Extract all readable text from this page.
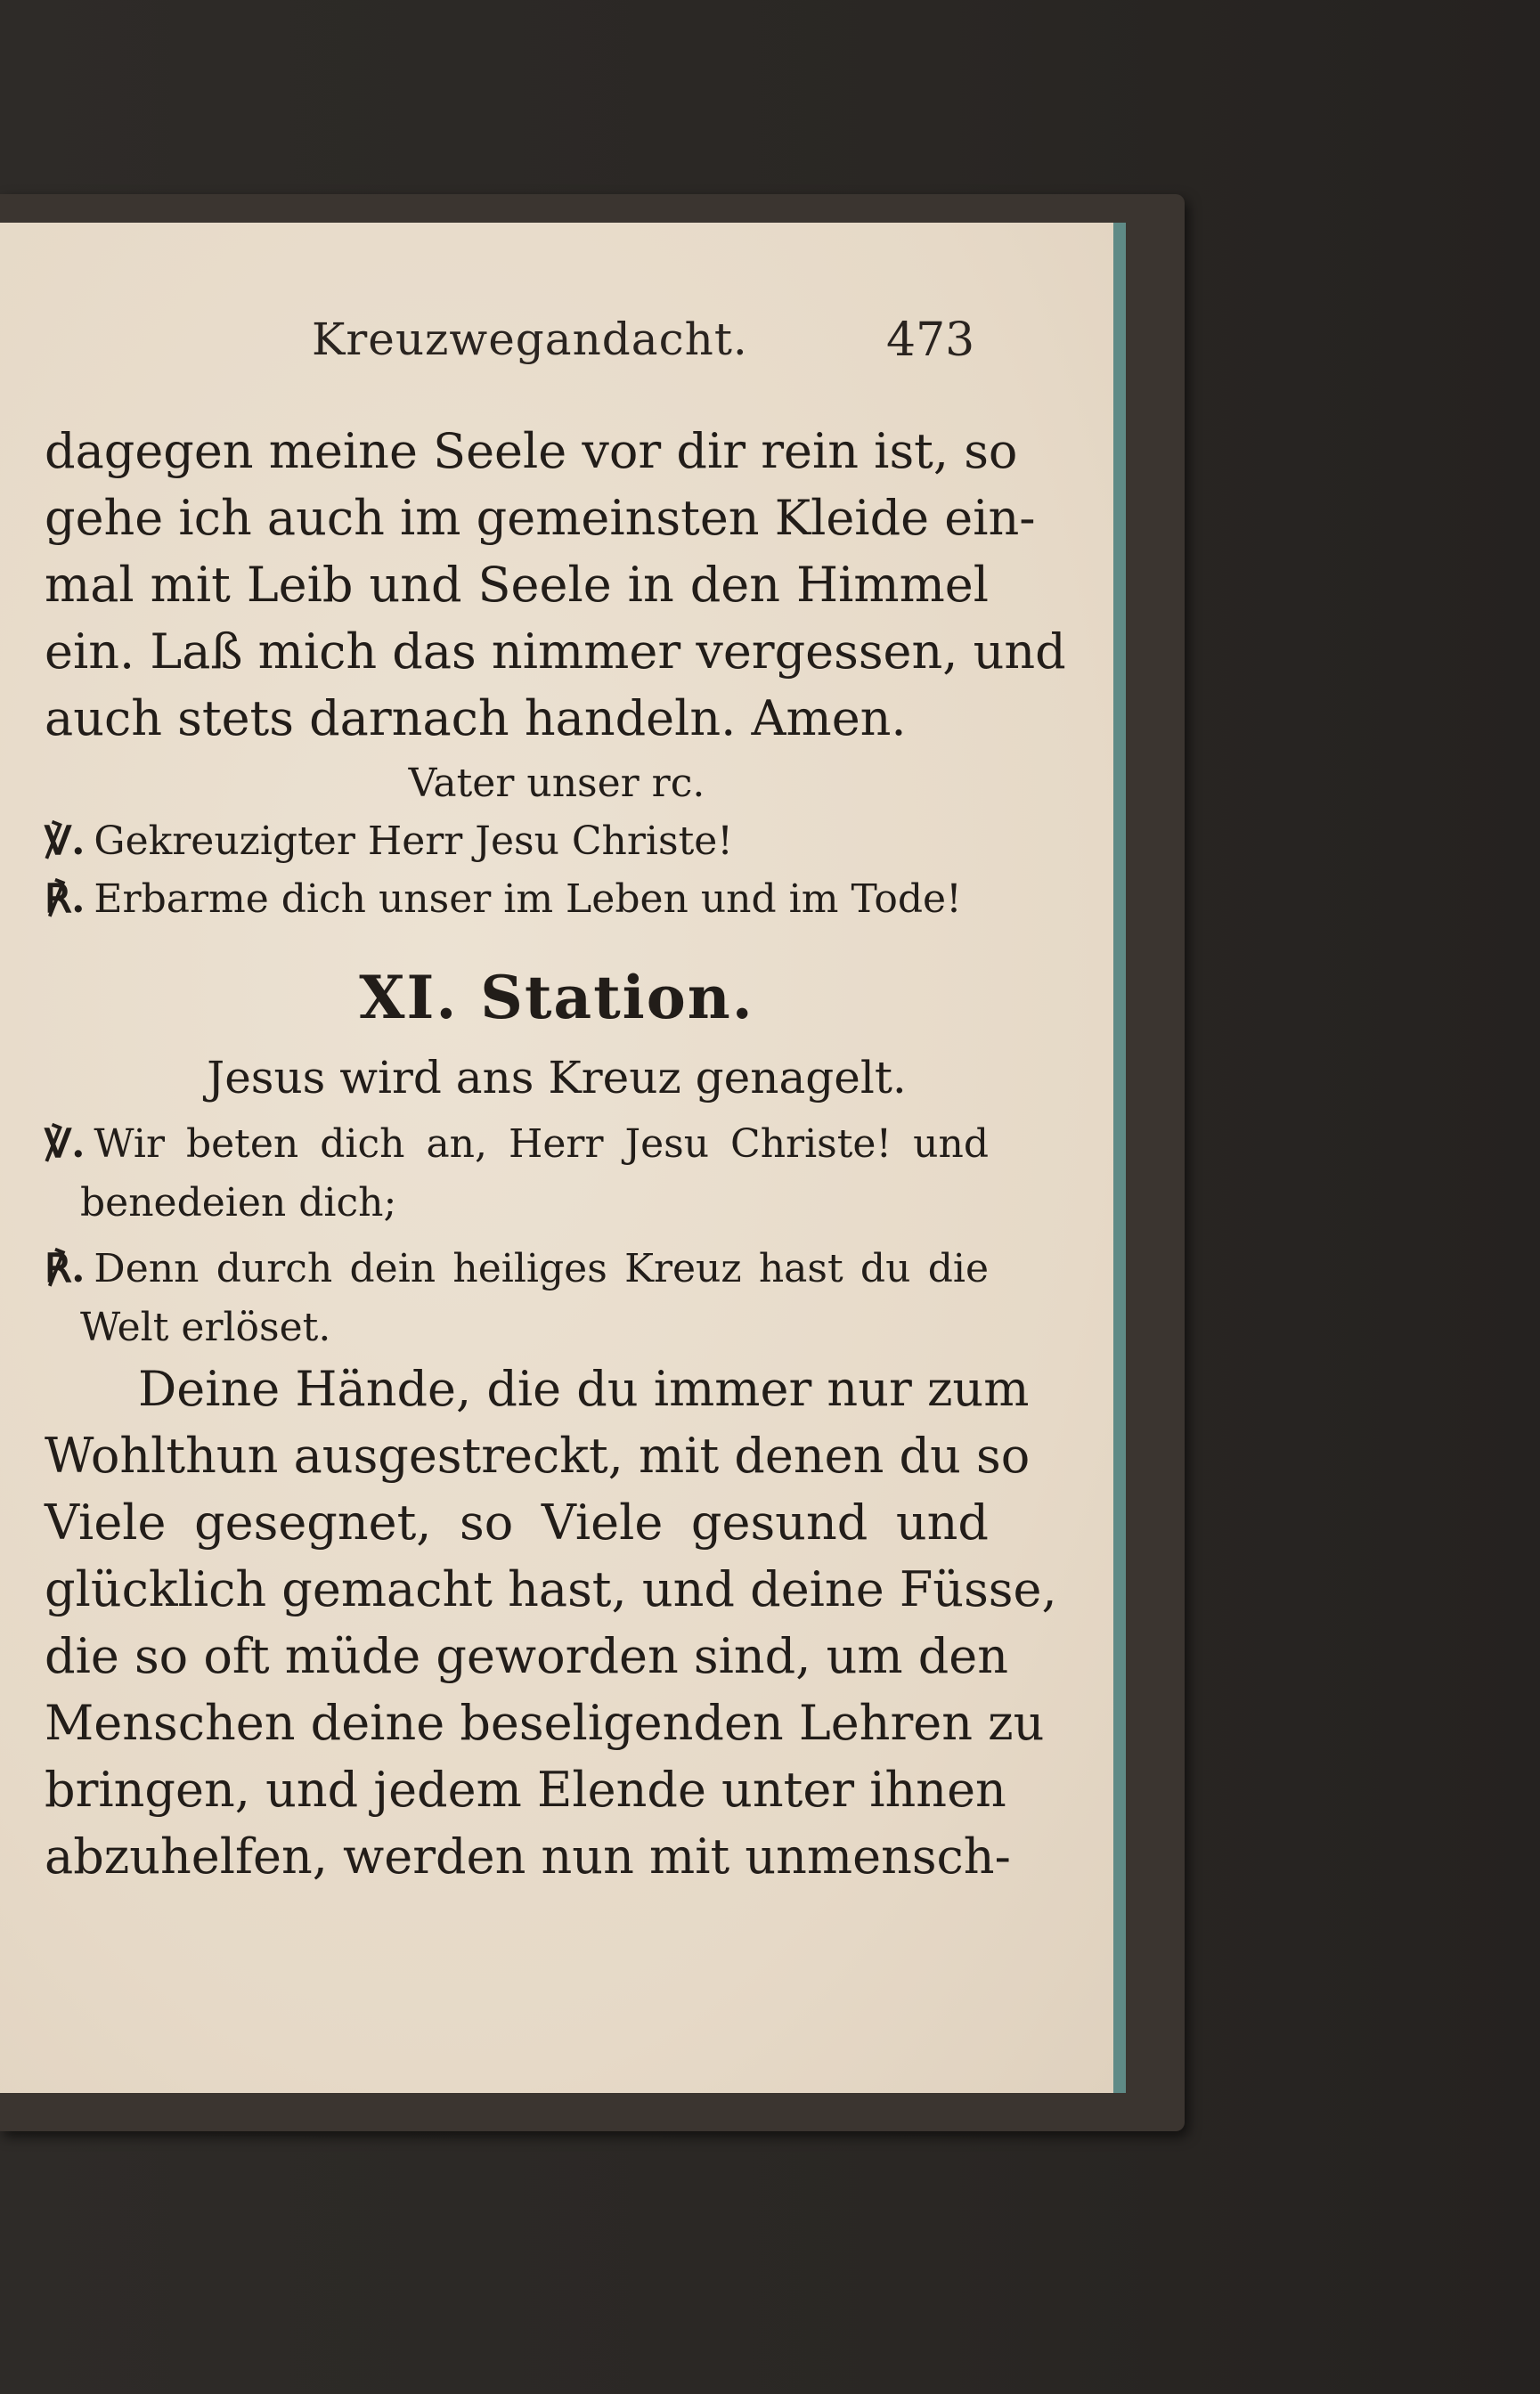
Kreuzwegandacht.	473
dagegen meine Seele vor dir rein ist, so
gehe ich auch im gemeinsten Kleide ein-
mal mit Leib und Seele in den Himmel
ein. Laß mich das nimmer vergessen, und
auch stets darnach handeln. Amen.
Vater unser rc.
℣. Gekreuzigter Herr Jesu Christe!
℟. Erbarme dich unser im Leben und im Tode!
XI. Station.
Jesus wird ans Kreuz genagelt.
℣. Wir beten dich an, Herr Jesu Christe! und
benedeien dich;
℟. Denn durch dein heiliges Kreuz hast du die
Welt erlöset.
Deine Hände, die du immer nur zum
Wohlthun ausgestreckt, mit denen du so
Viele gesegnet, so Viele gesund und
glücklich gemacht hast, und deine Füsse,
die so oft müde geworden sind, um den
Menschen deine beseligenden Lehren zu
bringen, und jedem Elende unter ihnen
abzuhelfen, werden nun mit unmensch-
